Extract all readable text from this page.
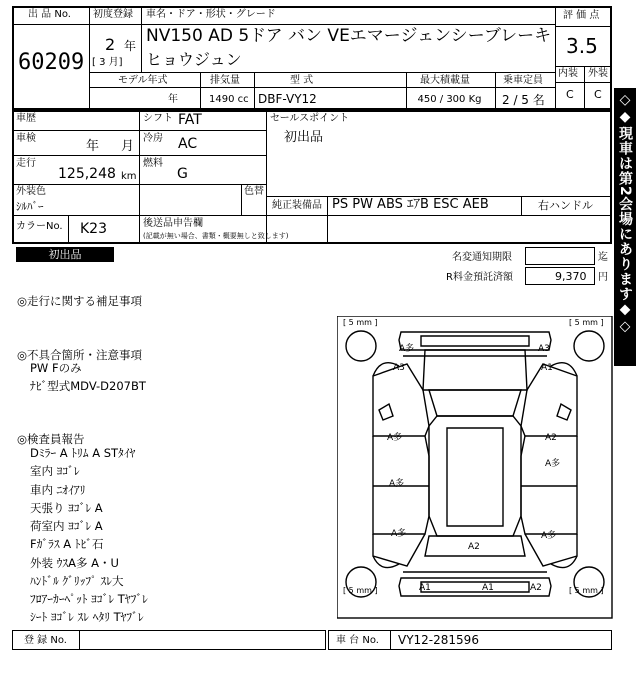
出 品 No.
60209
初度登録
2 年
[ 3 月]
車名・ドア・形状・グレード
NV150 AD 5ドア バン VEエマージェンシーブレーキ
ヒョウジュン
評 価 点
3.5
内装 外装
C C
モデル年式
年
排気量
1490 cc
型 式
DBF-VY12
最大積載量
450 / 300 Kg
乗車定員
2 / 5 名
車歴
車検
年 月
シフト FAT
冷房 AC
走行
125,248 km
燃料
G
外装色
ｼﾙﾊﾞｰ
色替
カラーNo. K23	後送品申告欄
(記載が無い場合、書類・概要無しと致します)
セールスポイント
初出品
純正装備品 PS PW ABS ｴｱB ESC AEB	右ハンドル
初出品	名変通知期限	迄
R料金預託済額	9,370 円 ◇◆現車は第2会場にあります◆◇
◎走行に関する補足事項
◎不具合箇所・注意事項
PW Fのみ
ﾅﾋﾞ型式MDV-D207BT
◎検査員報告
Dﾐﾗｰ A ﾄﾘﾑ A STﾀｲﾔ
室内 ﾖｺﾞﾚ
車内 ﾆｵｲｱﾘ
天張り ﾖｺﾞﾚ A
荷室内 ﾖｺﾞﾚ A
Fｶﾞﾗｽ A ﾄﾋﾞ石
外装 ｳｽA多 A・U
ﾊﾝﾄﾞﾙ ｸﾞﾘｯﾌﾟ ｽﾚ大
ﾌﾛｱｰｶｰﾍﾟｯﾄ ﾖｺﾞﾚ Tﾔﾌﾞﾚ
ｼｰﾄ ﾖｺﾞﾚ ｽﾚ ﾍﾀﾘ Tﾔﾌﾞﾚ
[ 5 mm ]	[ 5 mm ]
[ 5 mm ]	[ 5 mm ]
A多	A3
A3	A1
A多	A2
A多
A多
A多	A多
A2
A1	A1	A2
登 録 No.	車 台 No. VY12-281596
